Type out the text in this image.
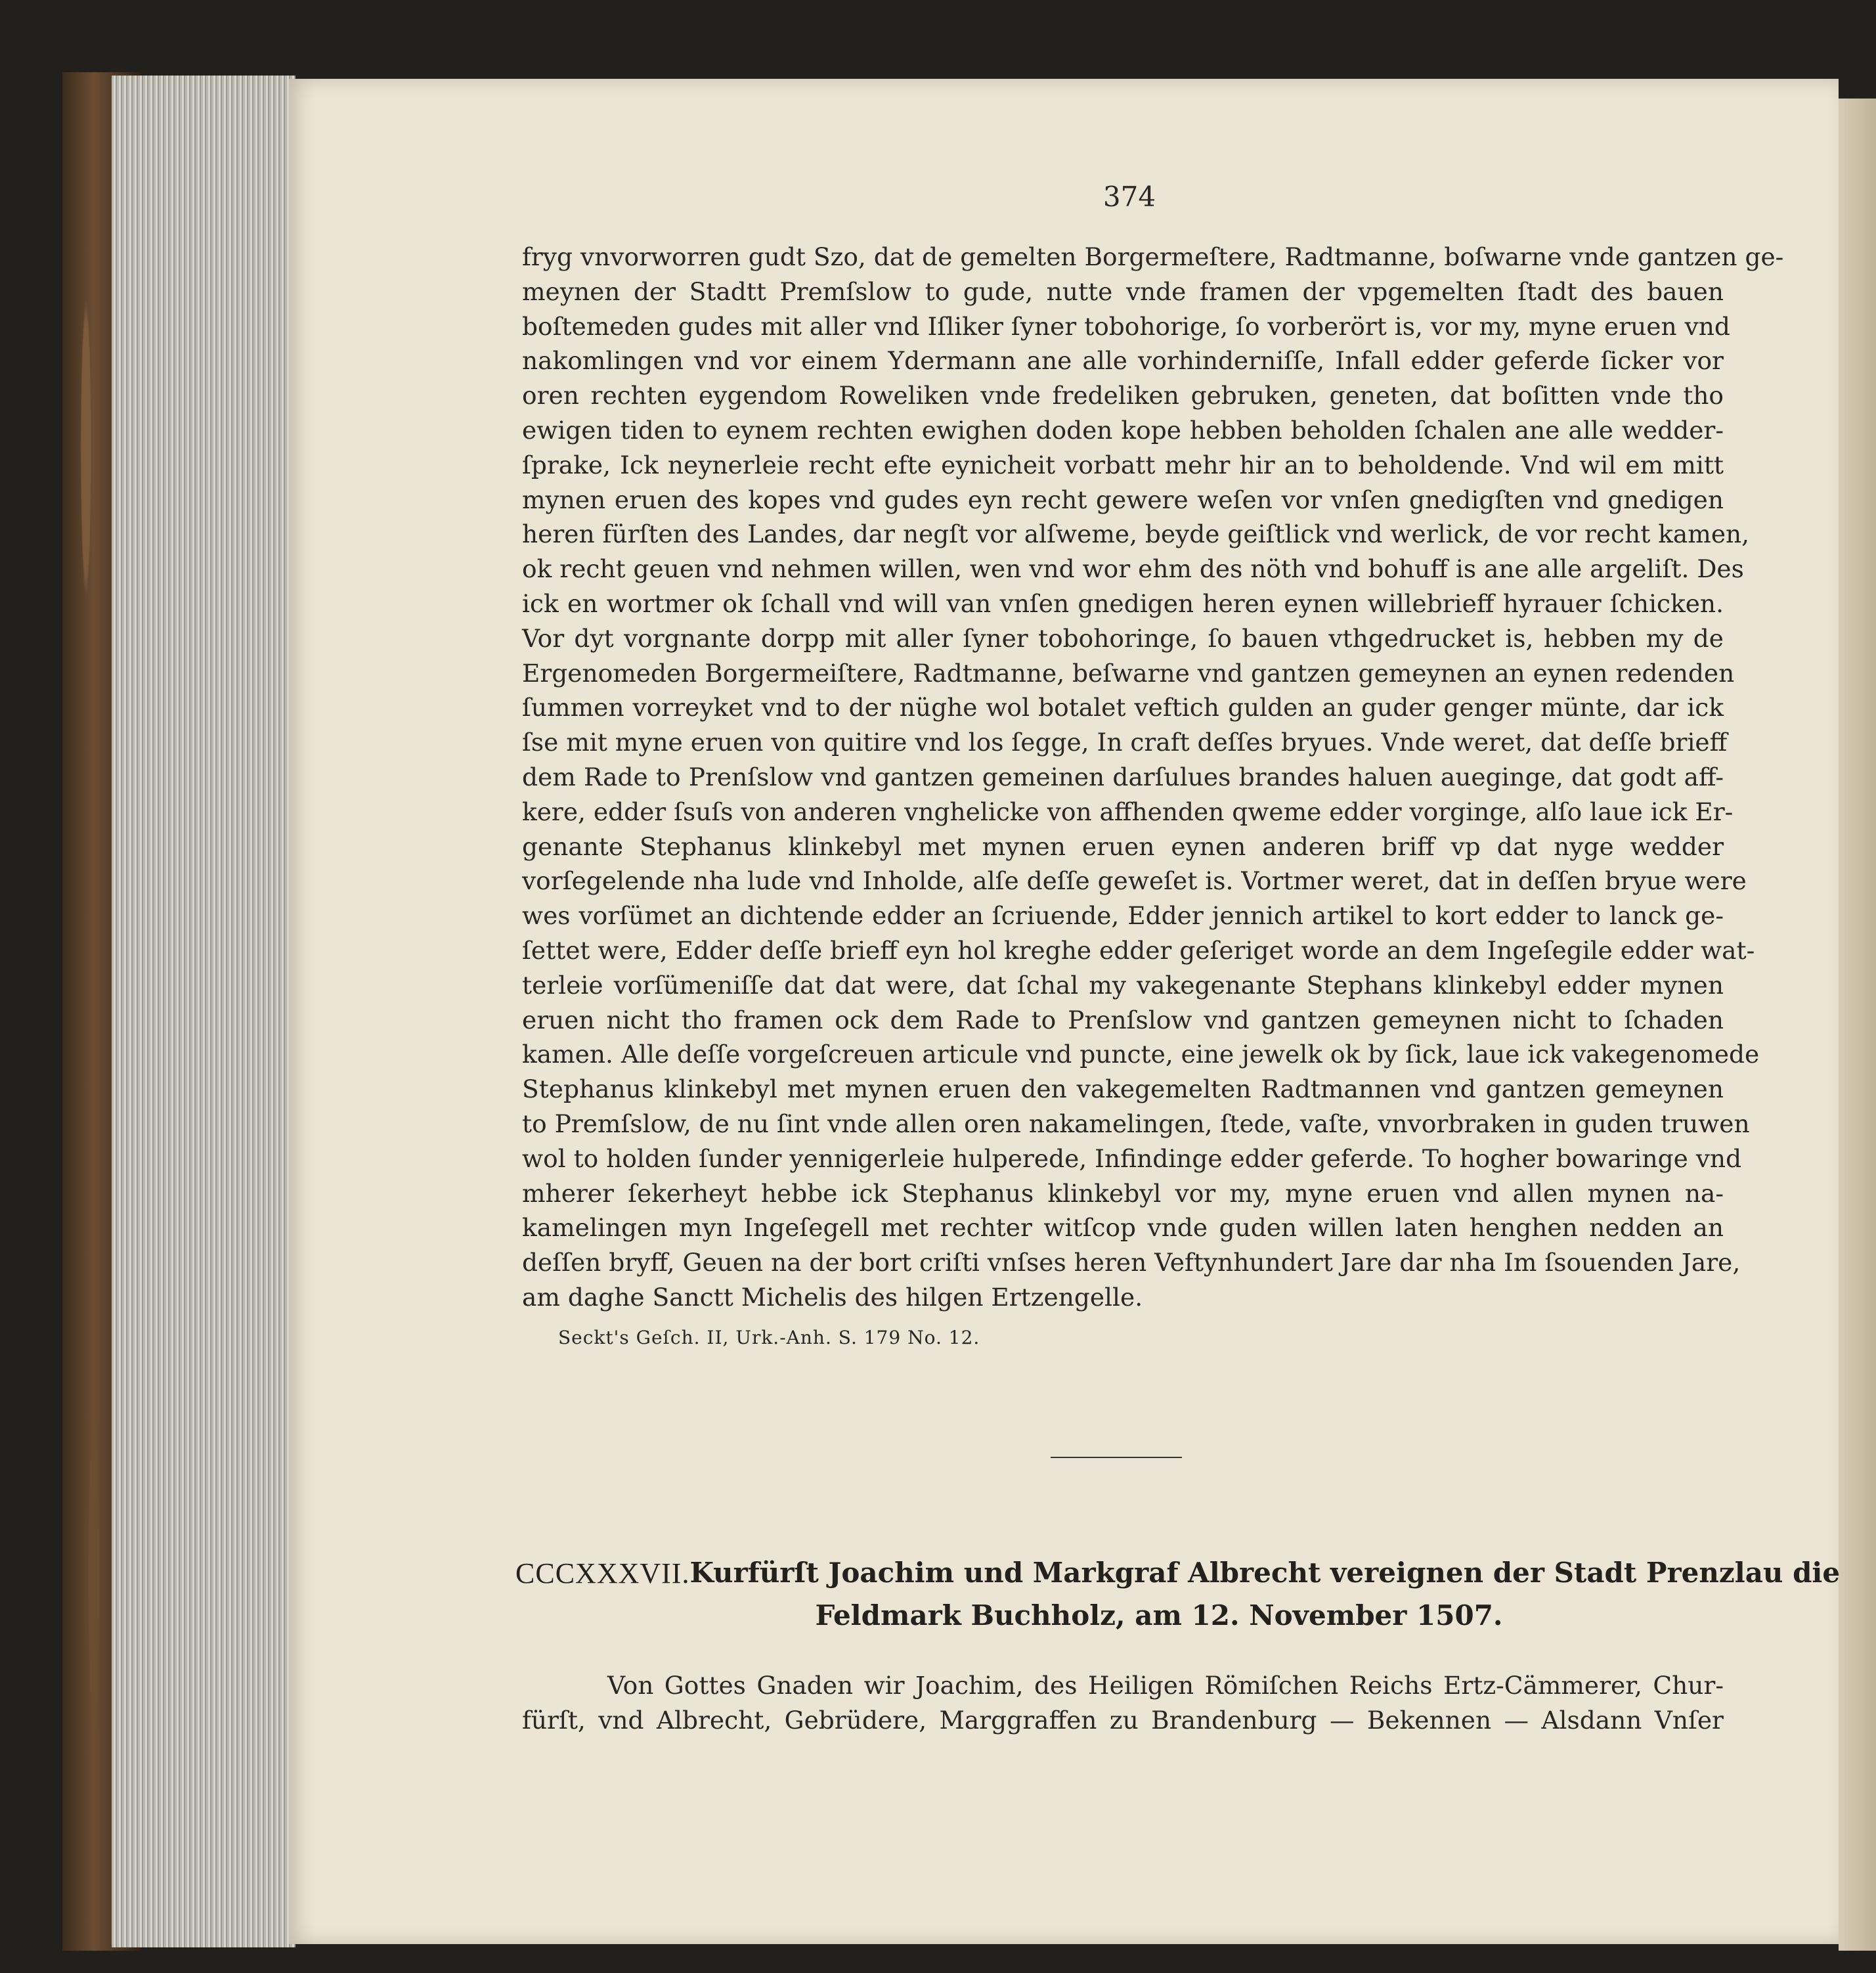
374
fryg vnvorworren gudt Szo, dat de gemelten Borgermeſtere, Radtmanne, boſwarne vnde gantzen ge-
meynen der Stadtt Premſslow to gude, nutte vnde framen der vpgemelten ſtadt des bauen
boſtemeden gudes mit aller vnd Iſliker ſyner tobohorige, ſo vorberört is, vor my, myne eruen vnd
nakomlingen vnd vor einem Ydermann ane alle vorhinderniſſe, Infall edder geferde ſicker vor
oren rechten eygendom Roweliken vnde fredeliken gebruken, geneten, dat boſitten vnde tho
ewigen tiden to eynem rechten ewighen doden kope hebben beholden ſchalen ane alle wedder-
ſprake, Ick neynerleie recht efte eynicheit vorbatt mehr hir an to beholdende. Vnd wil em mitt
mynen eruen des kopes vnd gudes eyn recht gewere weſen vor vnſen gnedigſten vnd gnedigen
heren fürſten des Landes, dar negſt vor alſweme, beyde geiſtlick vnd werlick, de vor recht kamen,
ok recht geuen vnd nehmen willen, wen vnd wor ehm des nöth vnd bohuff is ane alle argeliſt. Des
ick en wortmer ok ſchall vnd will van vnſen gnedigen heren eynen willebrieff hyrauer ſchicken.
Vor dyt vorgnante dorpp mit aller ſyner tobohoringe, ſo bauen vthgedrucket is, hebben my de
Ergenomeden Borgermeiſtere, Radtmanne, beſwarne vnd gantzen gemeynen an eynen redenden
ſummen vorreyket vnd to der nüghe wol botalet veftich gulden an guder genger münte, dar ick
ſse mit myne eruen von quitire vnd los ſegge, In craft deſſes bryues. Vnde weret, dat deſſe brieff
dem Rade to Prenſslow vnd gantzen gemeinen darſulues brandes haluen aueginge, dat godt aff-
kere, edder ſsuſs von anderen vnghelicke von affhenden qweme edder vorginge, alſo laue ick Er-
genante Stephanus klinkebyl met mynen eruen eynen anderen briff vp dat nyge wedder
vorſegelende nha lude vnd Inholde, alſe deſſe geweſet is. Vortmer weret, dat in deſſen bryue were
wes vorſümet an dichtende edder an ſcriuende, Edder jennich artikel to kort edder to lanck ge-
ſettet were, Edder deſſe brieff eyn hol kreghe edder geſeriget worde an dem Ingeſegile edder wat-
terleie vorſümeniſſe dat dat were, dat ſchal my vakegenante Stephans klinkebyl edder mynen
eruen nicht tho framen ock dem Rade to Prenſslow vnd gantzen gemeynen nicht to ſchaden
kamen. Alle deſſe vorgeſcreuen articule vnd puncte, eine jewelk ok by ſick, laue ick vakegenomede
Stephanus klinkebyl met mynen eruen den vakegemelten Radtmannen vnd gantzen gemeynen
to Premſslow, de nu ſint vnde allen oren nakamelingen, ſtede, vaſte, vnvorbraken in guden truwen
wol to holden ſunder yennigerleie hulperede, Infindinge edder geferde. To hogher bowaringe vnd
mherer ſekerheyt hebbe ick Stephanus klinkebyl vor my, myne eruen vnd allen mynen na-
kamelingen myn Ingeſegell met rechter witſcop vnde guden willen laten henghen nedden an
deſſen bryff, Geuen na der bort criſti vnſses heren Veftynhundert Jare dar nha Im ſsouenden Jare,
am daghe Sanctt Michelis des hilgen Ertzengelle.
Seckt's Geſch. II, Urk.-Anh. S. 179 No. 12.
CCCXXXVII. Kurfürſt Joachim und Markgraf Albrecht vereignen der Stadt Prenzlau die
Feldmark Buchholz, am 12. November 1507.
Von Gottes Gnaden wir Joachim, des Heiligen Römiſchen Reichs Ertz-Cämmerer, Chur-
fürſt, vnd Albrecht, Gebrüdere, Marggraffen zu Brandenburg — Bekennen — Alsdann Vnſer
